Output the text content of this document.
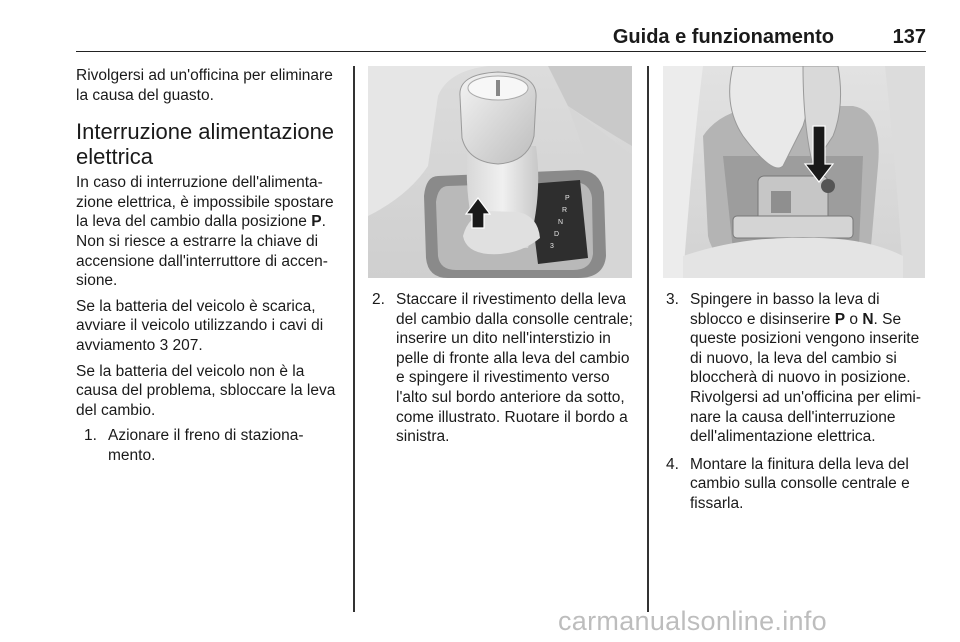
Guida e funzionamento	137

Rivolgersi ad un'officina per eliminare la causa del guasto.

Interruzione alimentazione elettrica

In caso di interruzione dell'alimentazione elettrica, è impossibile spostare la leva del cambio dalla posizione P. Non si riesce a estrarre la chiave di accensione dall'interruttore di accensione.

Se la batteria del veicolo è scarica, avviare il veicolo utilizzando i cavi di avviamento 3 207.

Se la batteria del veicolo non è la causa del problema, sbloccare la leva del cambio.

1. Azionare il freno di stazionamento.
P
R
N
D
3
2. Staccare il rivestimento della leva del cambio dalla consolle centrale; inserire un dito nell'interstizio in pelle di fronte alla leva del cambio e spingere il rivestimento verso l'alto sul bordo anteriore da sotto, come illustrato. Ruotare il bordo a sinistra.
3. Spingere in basso la leva di sblocco e disinserire P o N. Se queste posizioni vengono inserite di nuovo, la leva del cambio si bloccherà di nuovo in posizione. Rivolgersi ad un'officina per eliminare la causa dell'interruzione dell'alimentazione elettrica.
4. Montare la finitura della leva del cambio sulla consolle centrale e fissarla.
carmanualsonline.info
